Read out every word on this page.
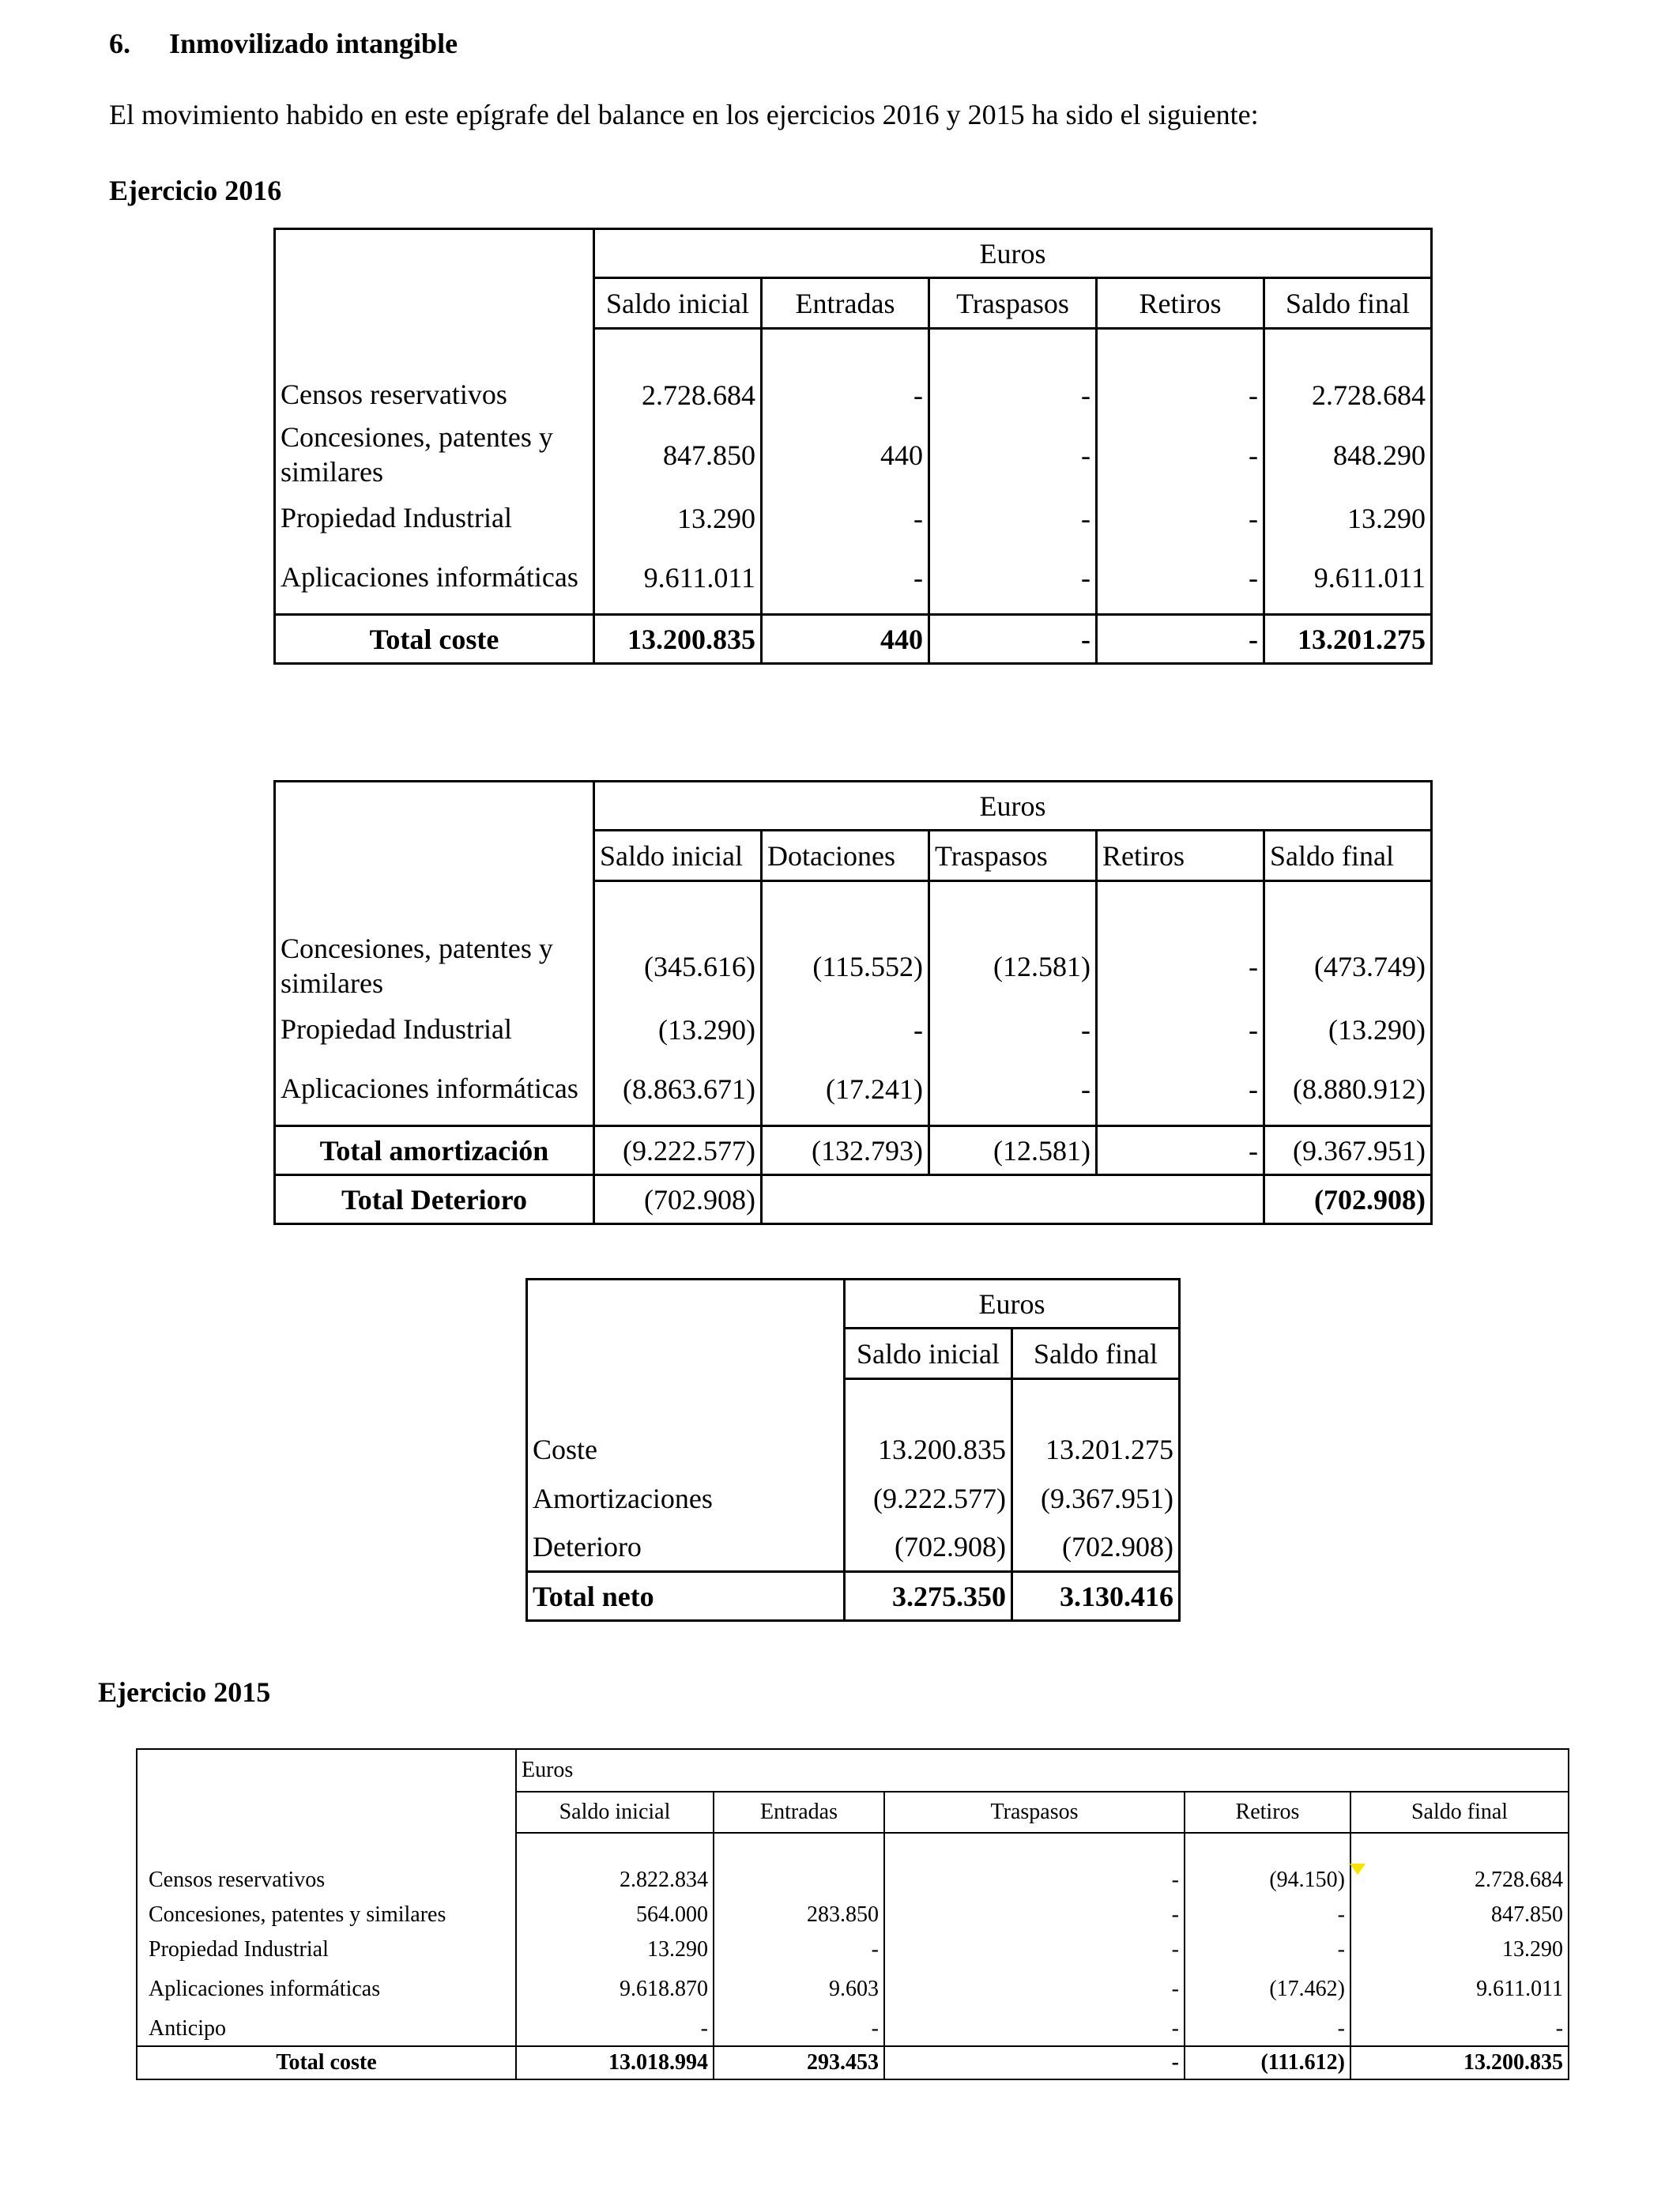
6. Inmovilizado intangible
El movimiento habido en este epígrafe del balance en los ejercicios 2016 y 2015 ha sido el siguiente:
Ejercicio 2016
	Euros				
	Saldo inicial	Entradas	Traspasos	Retiros	Saldo final

Censos reservativos	2.728.684	-	-	-	2.728.684
Concesiones, patentes y similares	847.850	440	-	-	848.290
Propiedad Industrial	13.290	-	-	-	13.290
Aplicaciones informáticas	9.611.011	-	-	-	9.611.011
Total coste	13.200.835	440	-	-	13.201.275
	Euros				
	Saldo inicial	Dotaciones	Traspasos	Retiros	Saldo final

Concesiones, patentes y similares	(345.616)	(115.552)	(12.581)	-	(473.749)
Propiedad Industrial	(13.290)	-	-	-	(13.290)
Aplicaciones informáticas	(8.863.671)	(17.241)	-	-	(8.880.912)
Total amortización	(9.222.577)	(132.793)	(12.581)	-	(9.367.951)
Total Deterioro	(702.908)				(702.908)
	Euros	
	Saldo inicial	Saldo final

Coste	13.200.835	13.201.275
Amortizaciones	(9.222.577)	(9.367.951)
Deterioro	(702.908)	(702.908)
Total neto	3.275.350	3.130.416
Ejercicio 2015
	Euros				
	Saldo inicial	Entradas	Traspasos	Retiros	Saldo final

Censos reservativos	2.822.834		-	(94.150)	2.728.684
Concesiones, patentes y similares	564.000	283.850	-	-	847.850
Propiedad Industrial	13.290	-	-	-	13.290
Aplicaciones informáticas	9.618.870	9.603	-	(17.462)	9.611.011
Anticipo	-	-	-	-	-
Total coste	13.018.994	293.453	-	(111.612)	13.200.835
